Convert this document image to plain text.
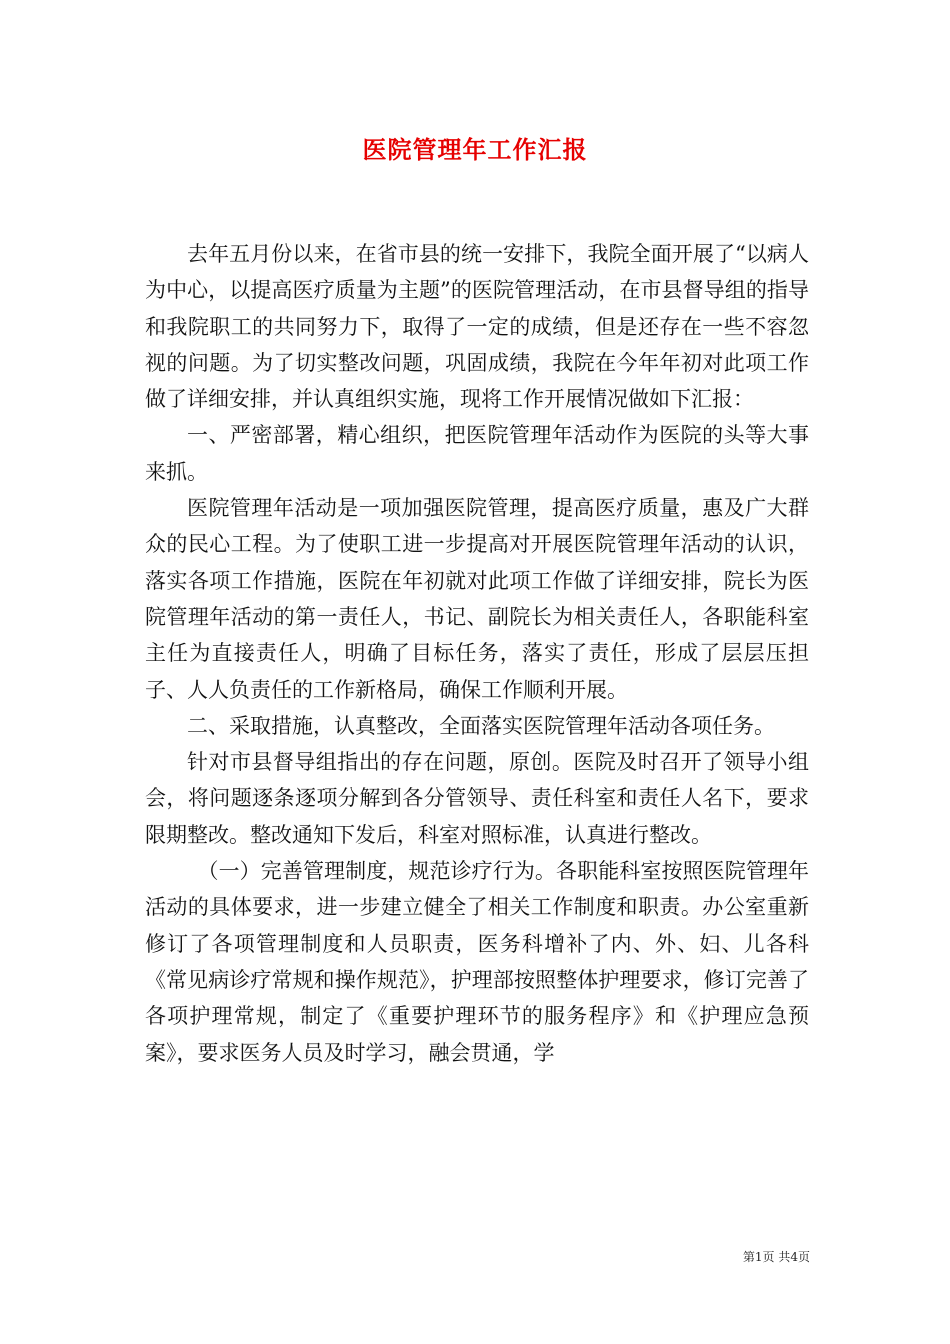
医院管理年工作汇报

去年五月份以来，在省市县的统一安排下，我院全面开展了“以病人为中心，以提高医疗质量为主题”的医院管理活动，在市县督导组的指导和我院职工的共同努力下，取得了一定的成绩，但是还存在一些不容忽视的问题。为了切实整改问题，巩固成绩，我院在今年年初对此项工作做了详细安排，并认真组织实施，现将工作开展情况做如下汇报：

一、严密部署，精心组织，把医院管理年活动作为医院的头等大事来抓。

医院管理年活动是一项加强医院管理，提高医疗质量，惠及广大群众的民心工程。为了使职工进一步提高对开展医院管理年活动的认识，落实各项工作措施，医院在年初就对此项工作做了详细安排，院长为医院管理年活动的第一责任人，书记、副院长为相关责任人，各职能科室主任为直接责任人，明确了目标任务，落实了责任，形成了层层压担子、人人负责任的工作新格局，确保工作顺利开展。

二、采取措施，认真整改，全面落实医院管理年活动各项任务。

针对市县督导组指出的存在问题，原创。医院及时召开了领导小组会，将问题逐条逐项分解到各分管领导、责任科室和责任人名下，要求限期整改。整改通知下发后，科室对照标准，认真进行整改。

（一）完善管理制度，规范诊疗行为。各职能科室按照医院管理年活动的具体要求，进一步建立健全了相关工作制度和职责。办公室重新修订了各项管理制度和人员职责，医务科增补了内、外、妇、儿各科《常见病诊疗常规和操作规范》，护理部按照整体护理要求，修订完善了各项护理常规，制定了《重要护理环节的服务程序》和《护理应急预案》，要求医务人员及时学习，融会贯通，学

第1页 共4页
